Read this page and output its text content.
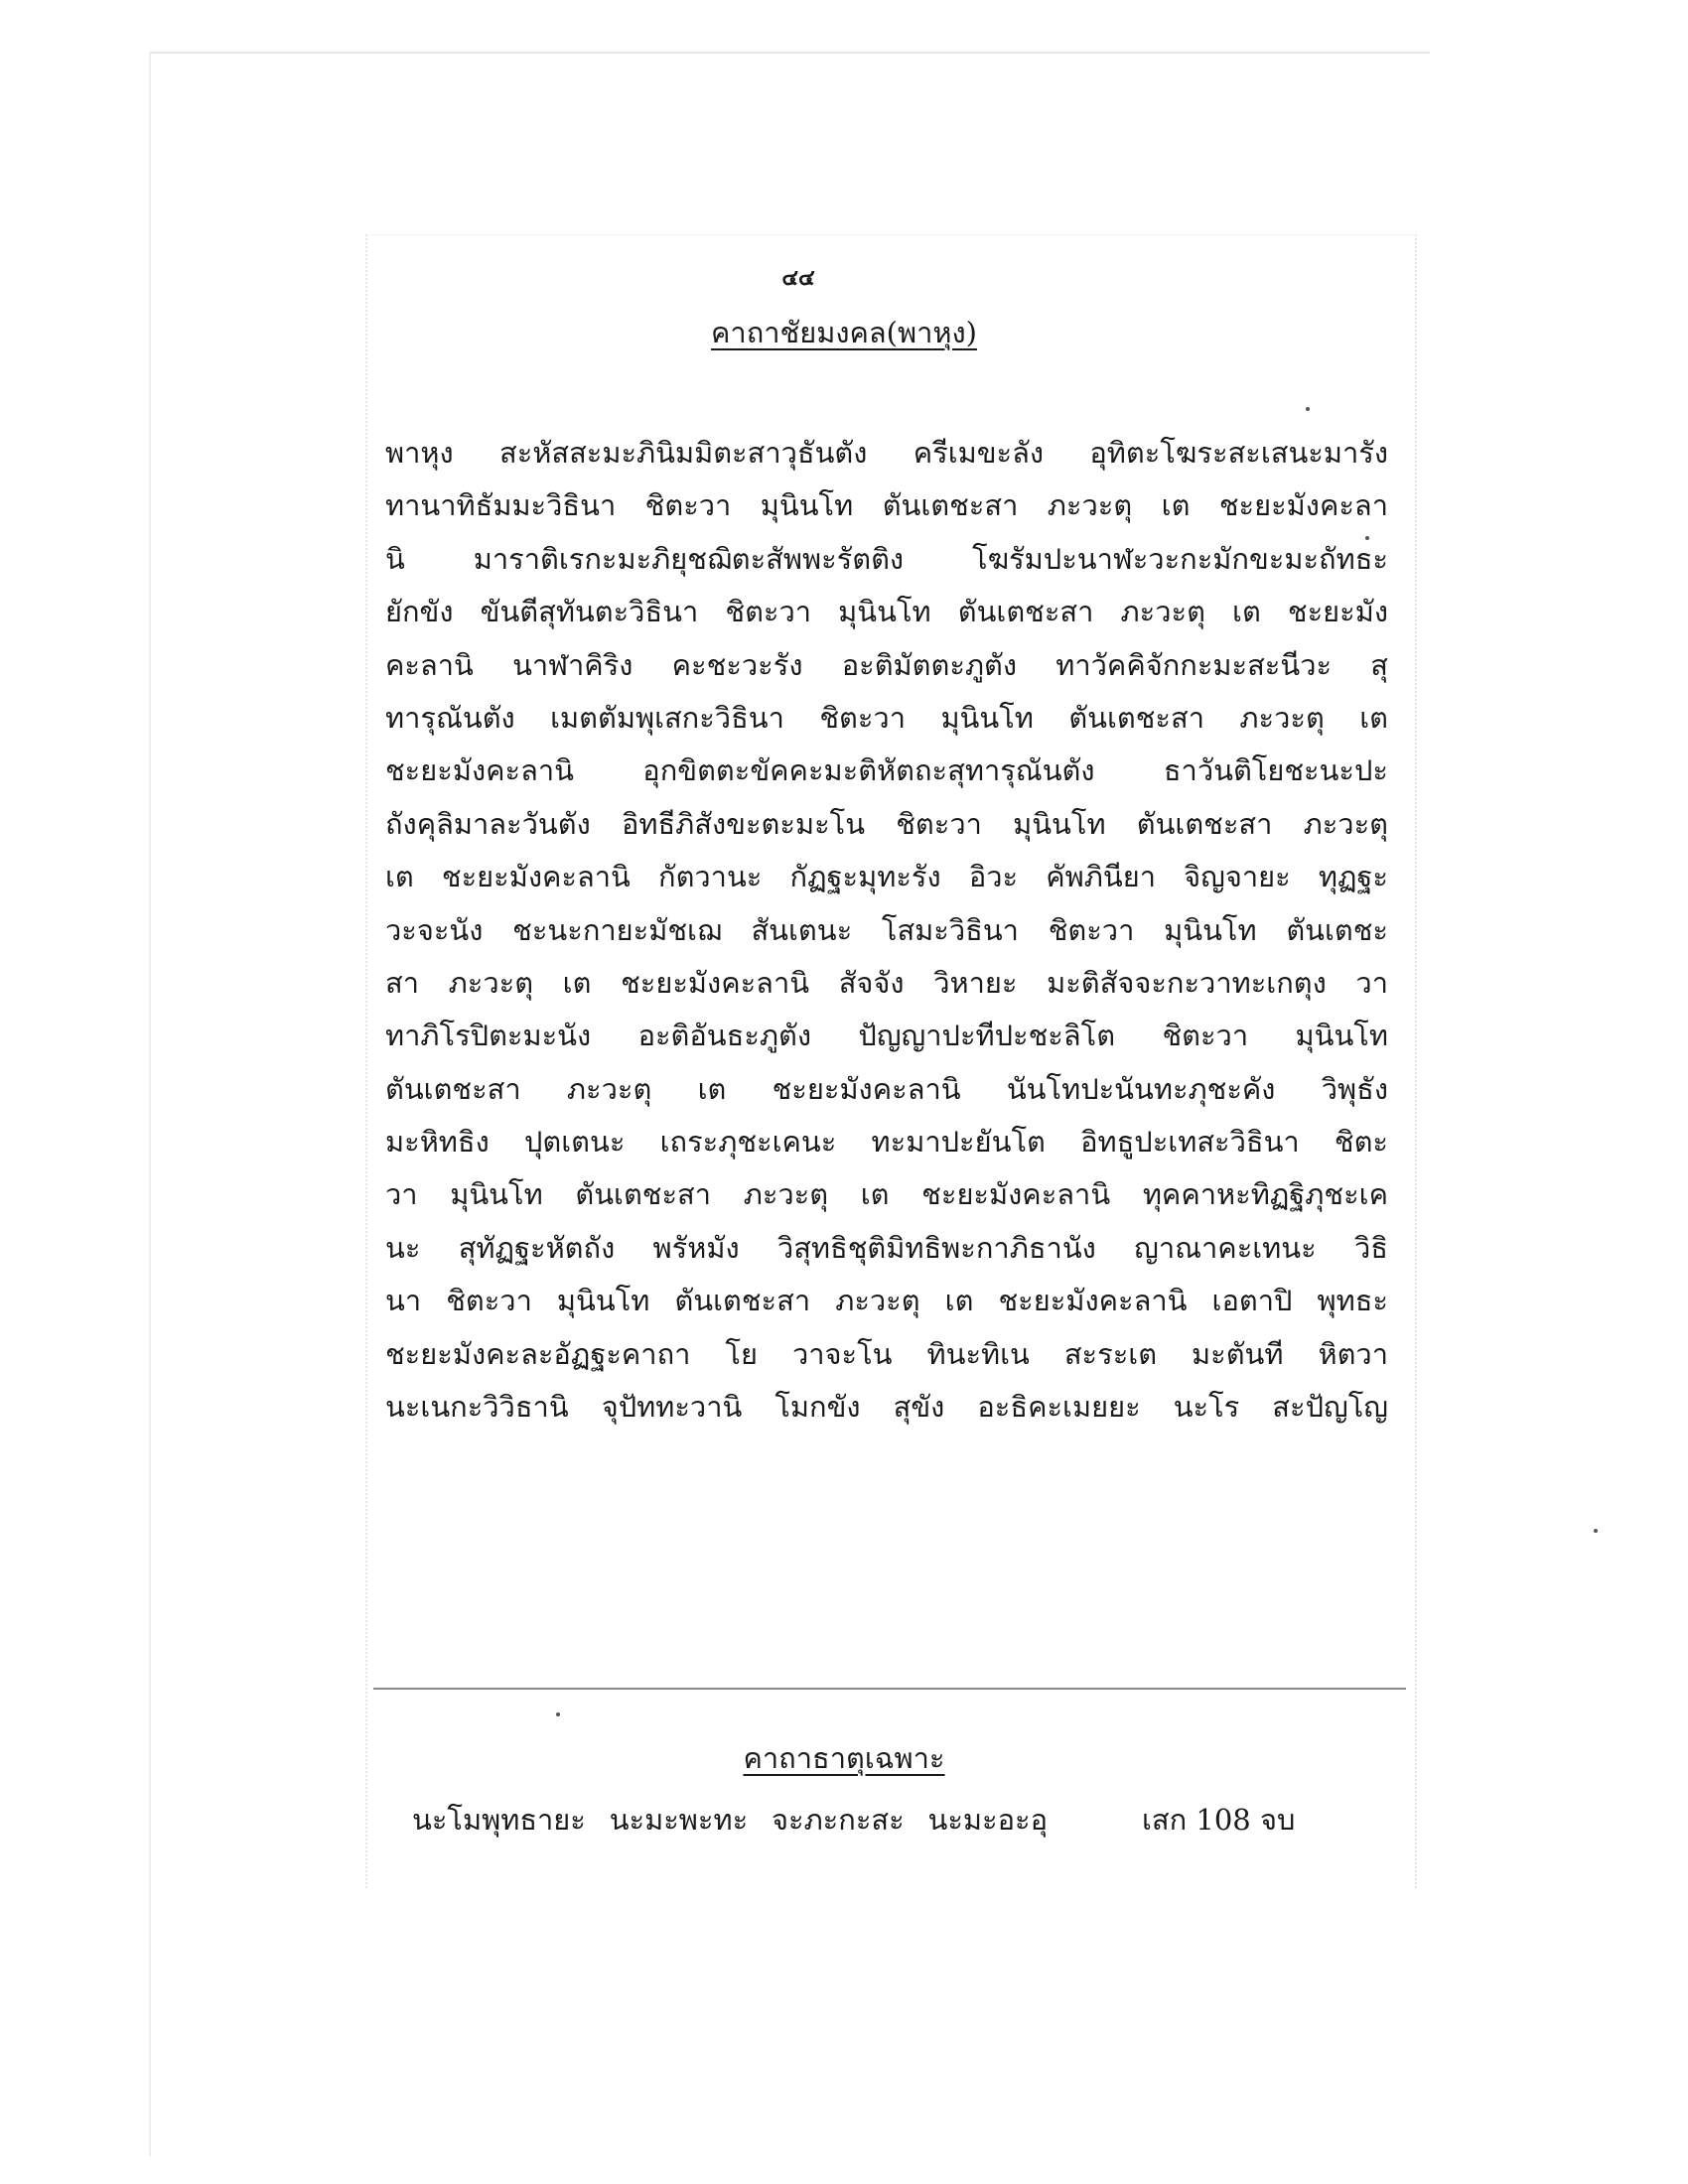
๔๔
คาถาชัยมงคล(พาหุง)
พาหุง สะหัสสะมะภินิมมิตะสาวุธันตัง ครีเมขะลัง อุทิตะโฆระสะเสนะมารัง
ทานาทิธัมมะวิธินา ชิตะวา มุนินโท ตันเตชะสา ภะวะตุ เต ชะยะมังคะลา
นิ มาราติเรกะมะภิยุชฌิตะสัพพะรัตติง โฆรัมปะนาฬะวะกะมักขะมะถัทธะ
ยักขัง ขันตีสุทันตะวิธินา ชิตะวา มุนินโท ตันเตชะสา ภะวะตุ เต ชะยะมัง
คะลานิ นาฬาคิริง คะชะวะรัง อะติมัตตะภูตัง ทาวัคคิจักกะมะสะนีวะ สุ
ทารุณันตัง เมตตัมพุเสกะวิธินา ชิตะวา มุนินโท ตันเตชะสา ภะวะตุ เต
ชะยะมังคะลานิ อุกขิตตะขัคคะมะติหัตถะสุทารุณันตัง ธาวันติโยชะนะปะ
ถังคุลิมาละวันตัง อิทธีภิสังขะตะมะโน ชิตะวา มุนินโท ตันเตชะสา ภะวะตุ
เต ชะยะมังคะลานิ กัตวานะ กัฏฐะมุทะรัง อิวะ คัพภินียา จิญจายะ ทุฏฐะ
วะจะนัง ชะนะกายะมัชเฌ สันเตนะ โสมะวิธินา ชิตะวา มุนินโท ตันเตชะ
สา ภะวะตุ เต ชะยะมังคะลานิ สัจจัง วิหายะ มะติสัจจะกะวาทะเกตุง วา
ทาภิโรปิตะมะนัง อะติอันธะภูตัง ปัญญาปะทีปะชะลิโต ชิตะวา มุนินโท
ตันเตชะสา ภะวะตุ เต ชะยะมังคะลานิ นันโทปะนันทะภุชะคัง วิพุธัง
มะหิทธิง ปุตเตนะ เถระภุชะเคนะ ทะมาปะยันโต อิทธูปะเทสะวิธินา ชิตะ
วา มุนินโท ตันเตชะสา ภะวะตุ เต ชะยะมังคะลานิ ทุคคาหะทิฏฐิภุชะเค
นะ สุทัฏฐะหัตถัง พรัหมัง วิสุทธิชุติมิทธิพะกาภิธานัง ญาณาคะเทนะ วิธิ
นา ชิตะวา มุนินโท ตันเตชะสา ภะวะตุ เต ชะยะมังคะลานิ เอตาปิ พุทธะ
ชะยะมังคะละอัฏฐะคาถา โย วาจะโน ทินะทิเน สะระเต มะตันที หิตวา
นะเนกะวิวิธานิ จุปัททะวานิ โมกขัง สุขัง อะธิคะเมยยะ นะโร สะปัญโญ
คาถาธาตุเฉพาะ
นะโมพุทธายะ นะมะพะทะ จะภะกะสะ นะมะอะอุ	เสก 108 จบ
